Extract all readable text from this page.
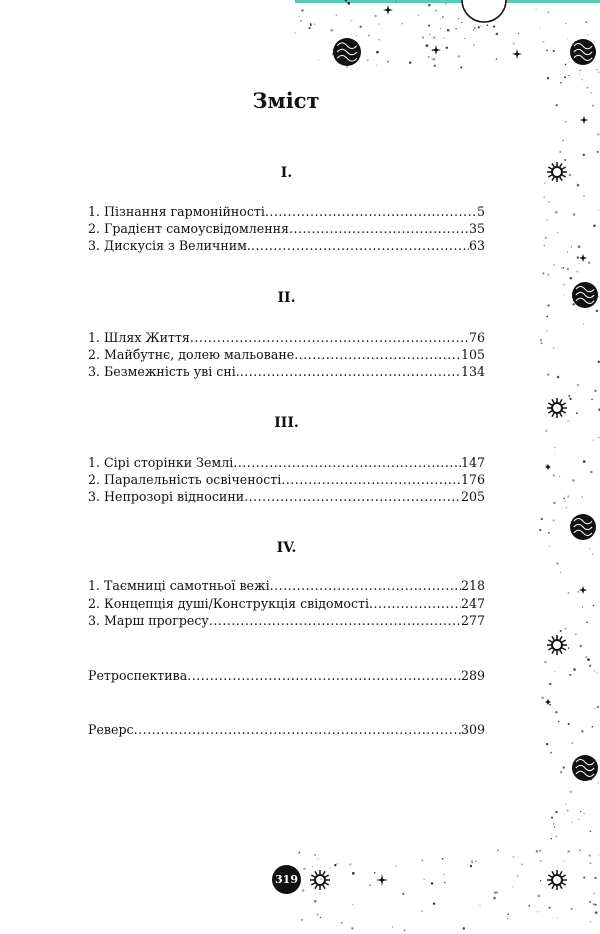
Зміст
I.
1. Пізнання гармонійності .....	5
2. Градієнт самоусвідомлення .....	35
3. Дискусія з Величним. .....	63
II.
1. Шлях Життя .....	76
2. Майбутнє, долею мальоване .....	105
3. Безмежність уві сні. .....	134
III.
1. Сірі сторінки Землі .....	147
2. Паралельність освіченості .....	176
3. Непрозорі відносини .....	205
IV.
1. Таємниці самотньої вежі .....	218
2. Концепція душі/Конструкція свідомості .....	247
3. Марш прогресу .....	277
Ретроспектива .....	289
Реверс .....	309
319
